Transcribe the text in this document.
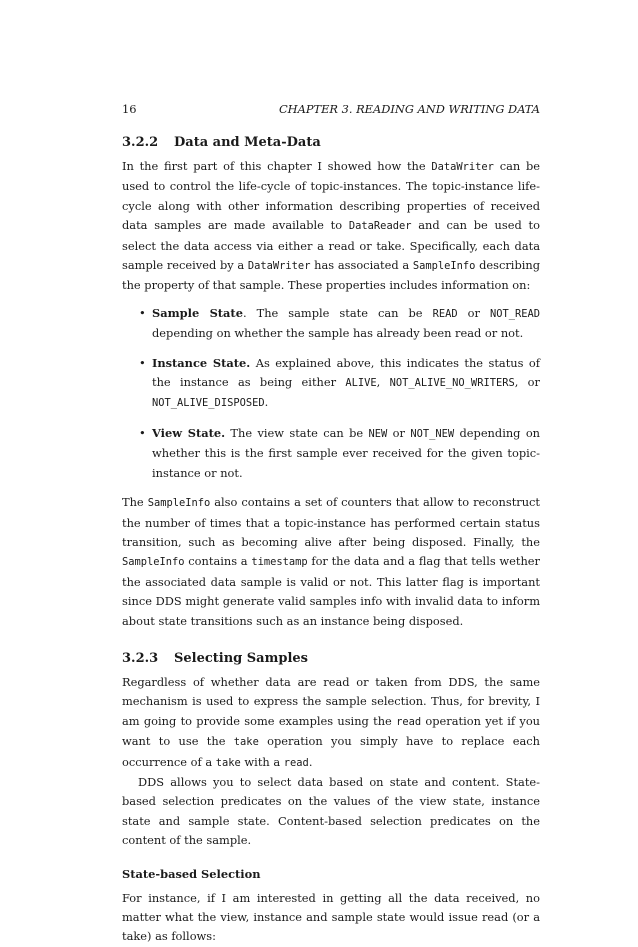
16	CHAPTER 3. READING AND WRITING DATA
3.2.2 Data and Meta-Data

In the first part of this chapter I showed how the DataWriter can be used to control the life-cycle of topic-instances. The topic-instance life-cycle along with other information describing properties of received data samples are made available to DataReader and can be used to select the data access via either a read or take. Specifically, each data sample received by a DataWriter has associated a SampleInfo describing the property of that sample. These properties includes information on:

• Sample State. The sample state can be READ or NOT_READ depending on whether the sample has already been read or not.
• Instance State. As explained above, this indicates the status of the instance as being either ALIVE, NOT_ALIVE_NO_WRITERS, or NOT_ALIVE_DISPOSED.
• View State. The view state can be NEW or NOT_NEW depending on whether this is the first sample ever received for the given topic-instance or not.

The SampleInfo also contains a set of counters that allow to reconstruct the number of times that a topic-instance has performed certain status transition, such as becoming alive after being disposed. Finally, the SampleInfo contains a timestamp for the data and a flag that tells wether the associated data sample is valid or not. This latter flag is important since DDS might generate valid samples info with invalid data to inform about state transitions such as an instance being disposed.

3.2.3 Selecting Samples

Regardless of whether data are read or taken from DDS, the same mechanism is used to express the sample selection. Thus, for brevity, I am going to provide some examples using the read operation yet if you want to use the take operation you simply have to replace each occurrence of a take with a read.

DDS allows you to select data based on state and content. State-based selection predicates on the values of the view state, instance state and sample state. Content-based selection predicates on the content of the sample.

State-based Selection

For instance, if I am interested in getting all the data received, no matter what the view, instance and sample state would issue read (or a take) as follows:
